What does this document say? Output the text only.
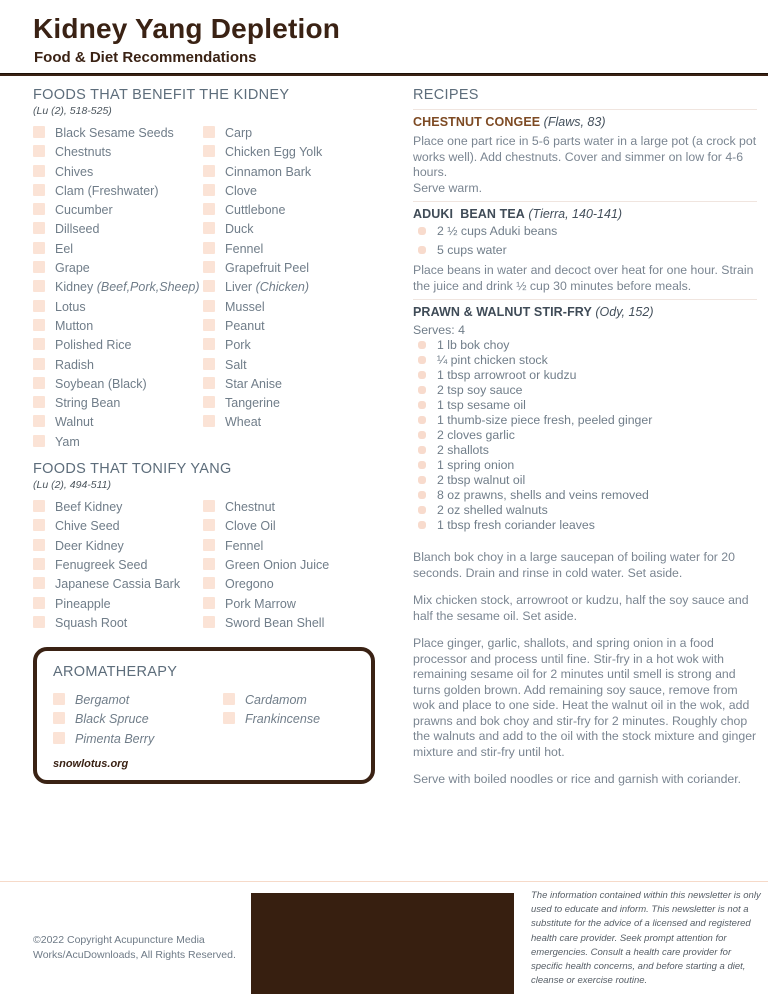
Kidney Yang Depletion
Food & Diet Recommendations
FOODS THAT BENEFIT THE KIDNEY
(Lu (2), 518-525)
Black Sesame Seeds
Chestnuts
Chives
Clam (Freshwater)
Cucumber
Dillseed
Eel
Grape
Kidney (Beef,Pork,Sheep)
Lotus
Mutton
Polished Rice
Radish
Soybean (Black)
String Bean
Walnut
Yam
Carp
Chicken Egg Yolk
Cinnamon Bark
Clove
Cuttlebone
Duck
Fennel
Grapefruit Peel
Liver (Chicken)
Mussel
Peanut
Pork
Salt
Star Anise
Tangerine
Wheat
FOODS THAT TONIFY YANG
(Lu (2), 494-511)
Beef Kidney
Chive Seed
Deer Kidney
Fenugreek Seed
Japanese Cassia Bark
Pineapple
Squash Root
Chestnut
Clove Oil
Fennel
Green Onion Juice
Oregono
Pork Marrow
Sword Bean Shell
AROMATHERAPY
Bergamot
Black Spruce
Pimenta Berry
Cardamom
Frankincense
snowlotus.org
RECIPES
CHESTNUT CONGEE (Flaws, 83)
Place one part rice in 5-6 parts water in a large pot (a crock pot works well). Add chestnuts. Cover and simmer on low for 4-6 hours.
Serve warm.
ADUKI  BEAN TEA (Tierra, 140-141)
2 ½ cups Aduki beans
5 cups water
Place beans in water and decoct over heat for one hour. Strain the juice and drink ½ cup 30 minutes before meals.
PRAWN & WALNUT STIR-FRY (Ody, 152)
Serves: 4
1 lb bok choy
¼ pint chicken stock
1 tbsp arrowroot or kudzu
2 tsp soy sauce
1 tsp sesame oil
1 thumb-size piece fresh, peeled ginger
2 cloves garlic
2 shallots
1 spring onion
2 tbsp walnut oil
8 oz prawns, shells and veins removed
2 oz shelled walnuts
1 tbsp fresh coriander leaves
Blanch bok choy in a large saucepan of boiling water for 20 seconds. Drain and rinse in cold water. Set aside.
Mix chicken stock, arrowroot or kudzu, half the soy sauce and half the sesame oil. Set aside.
Place ginger, garlic, shallots, and spring onion in a food processor and process until fine. Stir-fry in a hot wok with remaining sesame oil for 2 minutes until smell is strong and turns golden brown. Add remaining soy sauce, remove from wok and place to one side. Heat the walnut oil in the wok, add prawns and bok choy and stir-fry for 2 minutes. Roughly chop the walnuts and add to the oil with the stock mixture and ginger mixture and stir-fry until hot.
Serve with boiled noodles or rice and garnish with coriander.
©2022 Copyright Acupuncture Media Works/AcuDownloads, All Rights Reserved.
The information contained within this newsletter is only used to educate and inform. This newsletter is not a substitute for the advice of a licensed and registered health care provider. Seek prompt attention for emergencies. Consult a health care provider for specific health concerns, and before starting a diet, cleanse or exercise routine.
